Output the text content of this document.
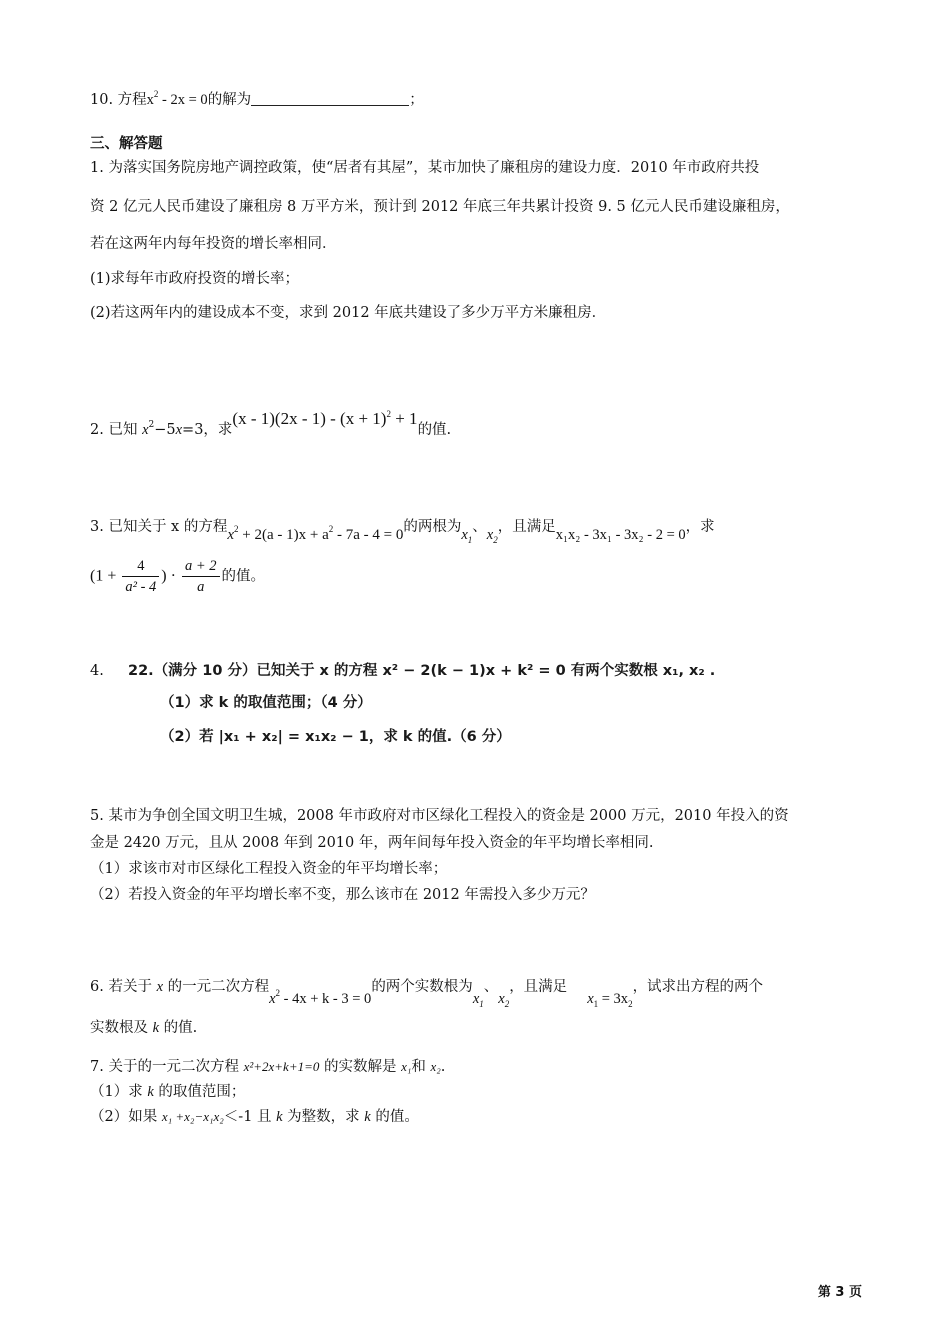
10. 方程$x^2 - 2x = 0$的解为	；
三、解答题
1. 为落实国务院房地产调控政策，使“居者有其屋”，某市加快了廉租房的建设力度．2010 年市政府共投
资 2 亿元人民币建设了廉租房 8 万平方米，预计到 2012 年底三年共累计投资 9. 5 亿元人民币建设廉租房，
若在这两年内每年投资的增长率相同．
(1)求每年市政府投资的增长率；
(2)若这两年内的建设成本不变，求到 2012 年底共建设了多少万平方米廉租房．
2. 已知 $x^2-5x=3$，求$(x - 1)(2x - 1) - (x + 1)^2 + 1$的值.
3. 已知关于 x 的方程$x^2 + 2(a - 1)x + a^2 - 7a - 4 = 0$的两根为$x_1$、$x_2$，且满足x₁x₂ - 3x₁ - 3x₂ - 2 = 0，求
($1 + \frac{4}{\text{a² - 4}}$ ) · $\frac{a + 2}{a}$ 的值。
4. 22.（满分 10 分）已知关于 x 的方程 x² − 2(k − 1)x + k² = 0 有两个实数根 x₁, x₂ .
（1）求 k 的取值范围；（4 分）
（2）若 |x₁ + x₂| = x₁x₂ − 1，求 k 的值.（6 分）
5. 某市为争创全国文明卫生城，2008 年市政府对市区绿化工程投入的资金是 2000 万元，2010 年投入的资
金是 2420 万元，且从 2008 年到 2010 年，两年间每年投入资金的年平均增长率相同.
（1）求该市对市区绿化工程投入资金的年平均增长率；
（2）若投入资金的年平均增长率不变，那么该市在 2012 年需投入多少万元？
6. 若关于 x 的一元二次方程$x^2 - 4x + k - 3 = 0$的两个实数根为$x_1$、$x_2$，且满足$x_1 = 3x_2$，试求出方程的两个
实数根及 k 的值.
7. 关于的一元二次方程 x²+2x+k+1=0 的实数解是 x₁和 x₂.
（1）求 k 的取值范围；
（2）如果 x₁ +x₂−x₁x₂＜-1 且 k 为整数，求 k 的值。
第 3 页
